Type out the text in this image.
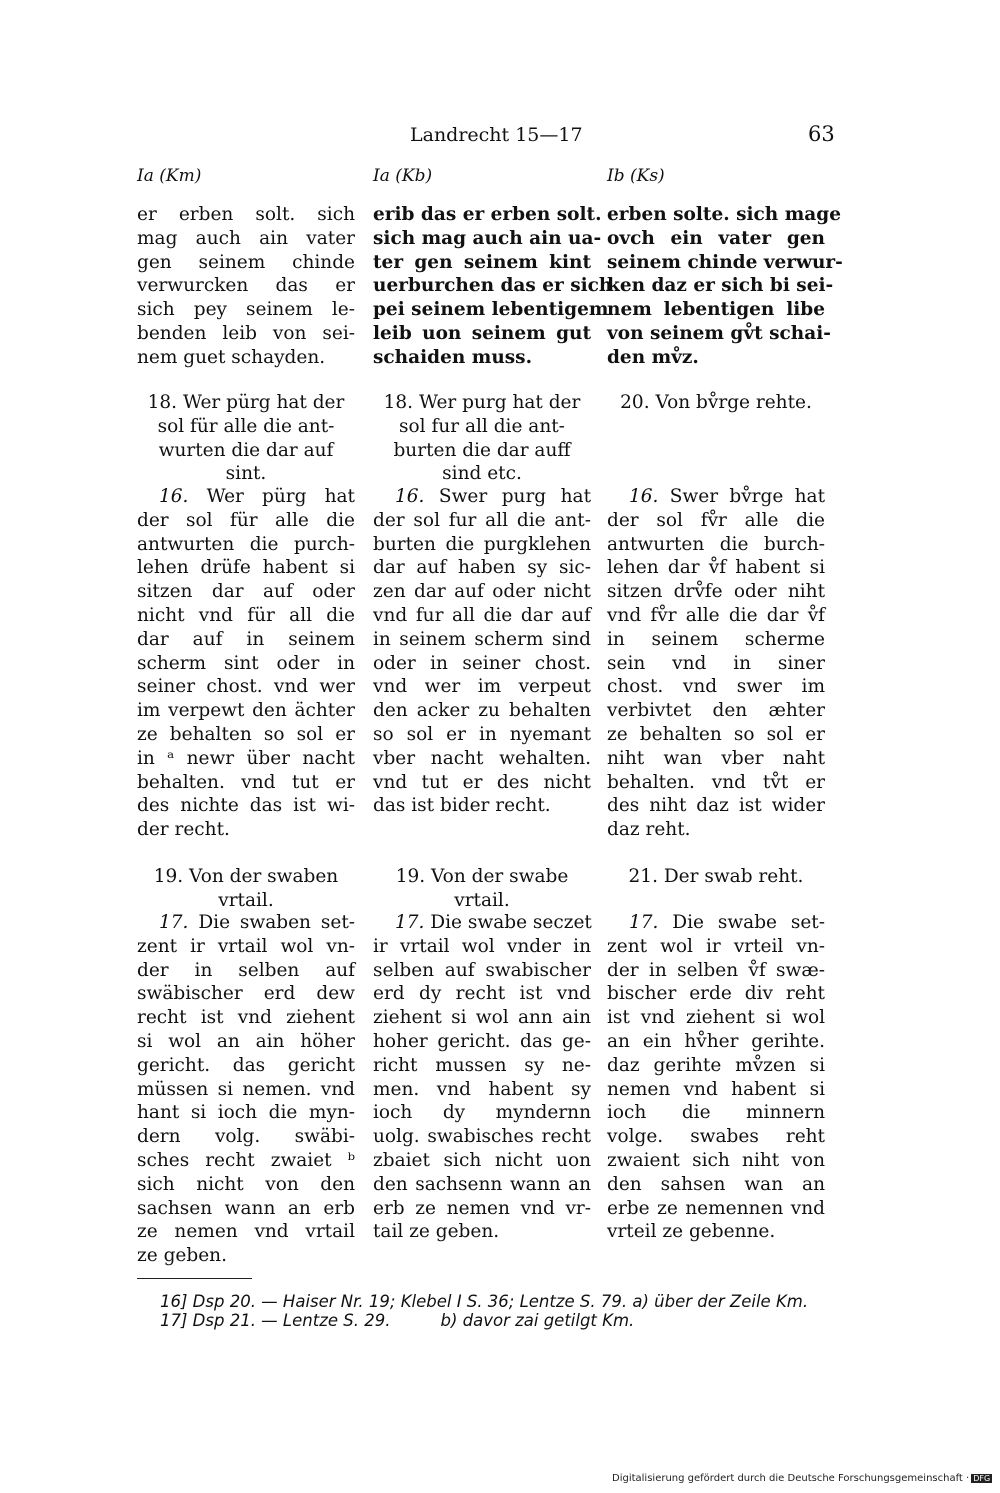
Landrecht 15—17	63
Ia (Km)
er erben solt. sich
mag auch ain vater
gen seinem chinde
verwurcken das er
sich pey seinem le-
benden leib von sei-
nem guet schayden.
18. Wer pürg hat der
sol für alle die ant-
wurten die dar auf
sint.
16. Wer pürg hat
der sol für alle die
antwurten die purch-
lehen drüfe habent si
sitzen dar auf oder
nicht vnd für all die
dar auf in seinem
scherm sint oder in
seiner chost. vnd wer
im verpewt den ächter
ze behalten so sol er
in ᵃ newr über nacht
behalten. vnd tut er
des nichte das ist wi-
der recht.
19. Von der swaben
vrtail.
17. Die swaben set-
zent ir vrtail wol vn-
der in selben auf
swäbischer erd dew
recht ist vnd ziehent
si wol an ain höher
gericht. das gericht
müssen si nemen. vnd
hant si ioch die myn-
dern volg. swäbi-
sches recht zwaiet ᵇ
sich nicht von den
sachsen wann an erb
ze nemen vnd vrtail
ze geben.
Ia (Kb)
erib das er erben solt.
sich mag auch ain ua-
ter gen seinem kint
uerburchen das er sich
pei seinem lebentigem
leib uon seinem gut
schaiden muss.
18. Wer purg hat der
sol fur all die ant-
burten die dar auff
sind etc.
16. Swer purg hat
der sol fur all die ant-
burten die purgklehen
dar auf haben sy sic-
zen dar auf oder nicht
vnd fur all die dar auf
in seinem scherm sind
oder in seiner chost.
vnd wer im verpeut
den acker zu behalten
so sol er in nyemant
vber nacht wehalten.
vnd tut er des nicht
das ist bider recht.
19. Von der swabe
vrtail.
17. Die swabe seczet
ir vrtail wol vnder in
selben auf swabischer
erd dy recht ist vnd
ziehent si wol ann ain
hoher gericht. das ge-
richt mussen sy ne-
men. vnd habent sy
ioch dy myndernn
uolg. swabisches recht
zbaiet sich nicht uon
den sachsenn wann an
erb ze nemen vnd vr-
tail ze geben.
Ib (Ks)
erben solte. sich mage
ovch ein vater gen
seinem chinde verwur-
ken daz er sich bi sei-
nem lebentigen libe
von seinem gv̊t schai-
den mv̊z.
20. Von bv̊rge rehte.
16. Swer bv̊rge hat
der sol fv̊r alle die
antwurten die burch-
lehen dar v̊f habent si
sitzen drv̊fe oder niht
vnd fv̊r alle die dar v̊f
in seinem scherme
sein vnd in siner
chost. vnd swer im
verbivtet den æhter
ze behalten so sol er
niht wan vber naht
behalten. vnd tv̊t er
des niht daz ist wider
daz reht.
21. Der swab reht.
17. Die swabe set-
zent wol ir vrteil vn-
der in selben v̊f swæ-
bischer erde div reht
ist vnd ziehent si wol
an ein hv̊her gerihte.
daz gerihte mv̊zen si
nemen vnd habent si
ioch die minnern
volge. swabes reht
zwaient sich niht von
den sahsen wan an
erbe ze nemennen vnd
vrteil ze gebenne.
16] Dsp 20. — Haiser Nr. 19; Klebel I S. 36; Lentze S. 79. a) über der Zeile Km.
17] Dsp 21. — Lentze S. 29.	b) davor zai getilgt Km.
Digitalisierung gefördert durch die Deutsche Forschungsgemeinschaft · DFG
